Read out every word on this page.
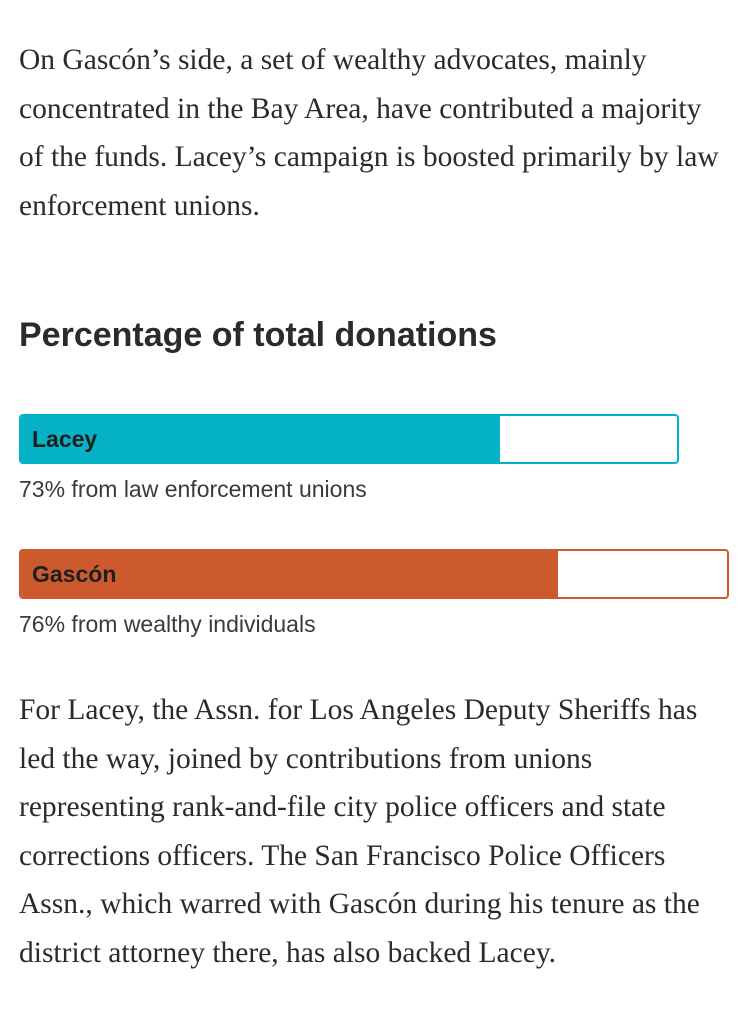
On Gascón’s side, a set of wealthy advocates, mainly concentrated in the Bay Area, have contributed a majority of the funds. Lacey’s campaign is boosted primarily by law enforcement unions.

Percentage of total donations
Lacey
73% from law enforcement unions
Gascón
76% from wealthy individuals

For Lacey, the Assn. for Los Angeles Deputy Sheriffs has led the way, joined by contributions from unions representing rank-and-file city police officers and state corrections officers. The San Francisco Police Officers Assn., which warred with Gascón during his tenure as the district attorney there, has also backed Lacey.
